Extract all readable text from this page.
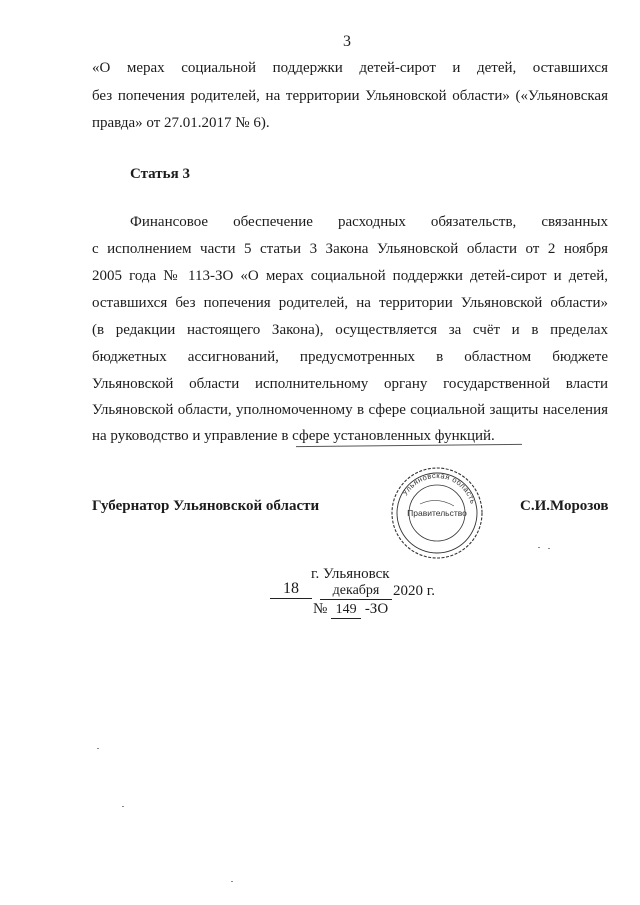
3
«О мерах социальной поддержки детей-сирот и детей, оставшихся
без попечения родителей, на территории Ульяновской области» («Ульяновская
правда» от 27.01.2017 № 6).
Статья 3
Финансовое обеспечение расходных обязательств, связанных
с исполнением части 5 статьи 3 Закона Ульяновской области от 2 ноября
2005 года № 113-ЗО «О мерах социальной поддержки детей-сирот и детей,
оставшихся без попечения родителей, на территории Ульяновской области»
(в редакции настоящего Закона), осуществляется за счёт и в пределах
бюджетных ассигнований, предусмотренных в областном бюджете
Ульяновской области исполнительному органу государственной власти
Ульяновской области, уполномоченному в сфере социальной защиты населения
на руководство и управление в сфере установленных функций.
Губернатор Ульяновской области	С.И.Морозов
Ульяновская область
Правительство
г. Ульяновск
18	декабря 2020 г.
№ 149 -ЗО
